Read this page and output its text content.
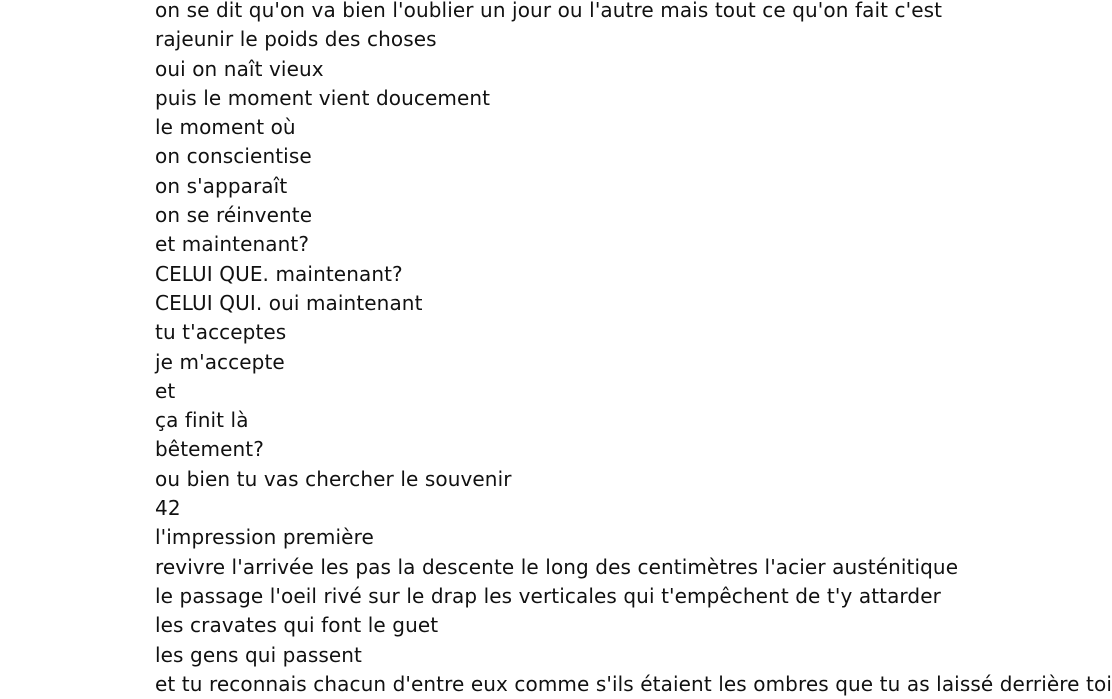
on se dit qu'on va bien l'oublier un jour ou l'autre mais tout ce qu'on fait c'est
rajeunir le poids des choses
oui on naît vieux
puis le moment vient doucement
le moment où
on conscientise
on s'apparaît
on se réinvente
et maintenant?
CELUI QUE. maintenant?
CELUI QUI. oui maintenant
tu t'acceptes
je m'accepte
et
ça finit là
bêtement?
ou bien tu vas chercher le souvenir
42
l'impression première
revivre l'arrivée les pas la descente le long des centimètres l'acier austénitique
le passage l'oeil rivé sur le drap les verticales qui t'empêchent de t'y attarder
les cravates qui font le guet
les gens qui passent
et tu reconnais chacun d'entre eux comme s'ils étaient les ombres que tu as laissé derrière toi
